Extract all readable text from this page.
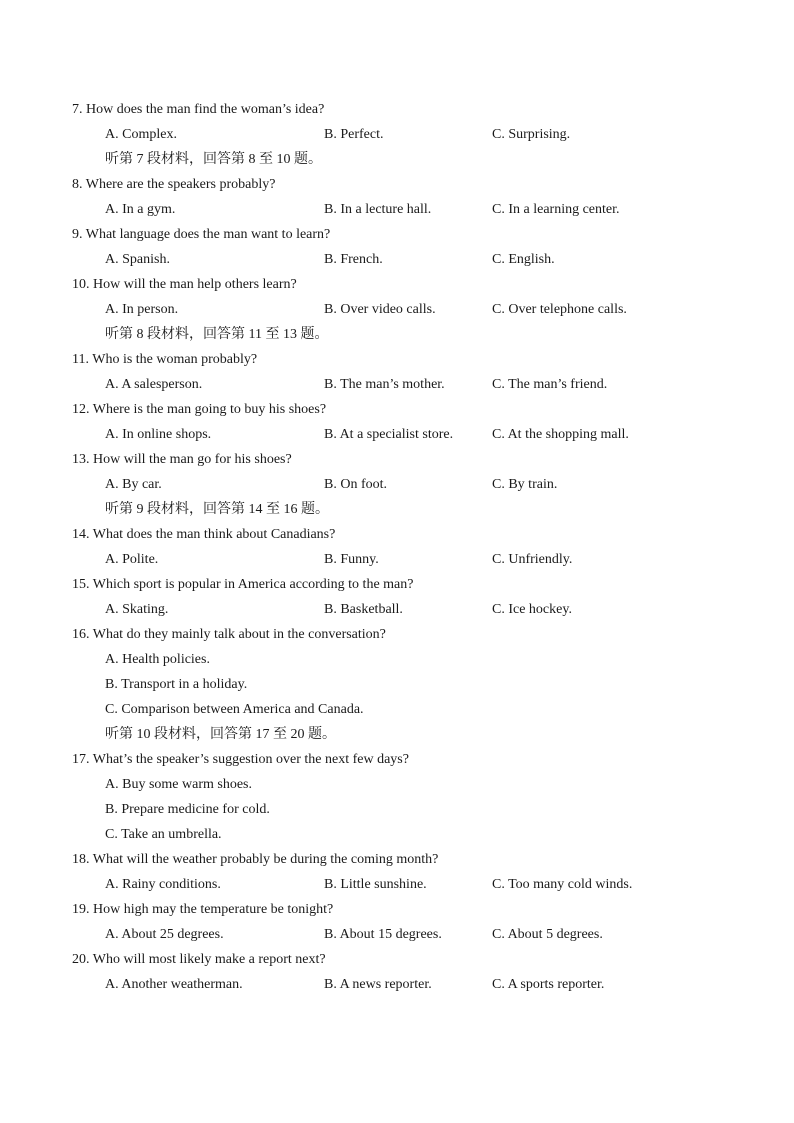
7. How does the man find the woman’s idea?
A. Complex.	B. Perfect.	C. Surprising.
听第 7 段材料，回答第 8 至 10 题。
8. Where are the speakers probably?
A. In a gym.	B. In a lecture hall.	C. In a learning center.
9. What language does the man want to learn?
A. Spanish.	B. French.	C. English.
10. How will the man help others learn?
A. In person.	B. Over video calls.	C. Over telephone calls.
听第 8 段材料，回答第 11 至 13 题。
11. Who is the woman probably?
A. A salesperson.	B. The man’s mother.	C. The man’s friend.
12. Where is the man going to buy his shoes?
A. In online shops.	B. At a specialist store.	C. At the shopping mall.
13. How will the man go for his shoes?
A. By car.	B. On foot.	C. By train.
听第 9 段材料，回答第 14 至 16 题。
14. What does the man think about Canadians?
A. Polite.	B. Funny.	C. Unfriendly.
15. Which sport is popular in America according to the man?
A. Skating.	B. Basketball.	C. Ice hockey.
16. What do they mainly talk about in the conversation?
A. Health policies.
B. Transport in a holiday.
C. Comparison between America and Canada.
听第 10 段材料，回答第 17 至 20 题。
17. What’s the speaker’s suggestion over the next few days?
A. Buy some warm shoes.
B. Prepare medicine for cold.
C. Take an umbrella.
18. What will the weather probably be during the coming month?
A. Rainy conditions.	B. Little sunshine.	C. Too many cold winds.
19. How high may the temperature be tonight?
A. About 25 degrees.	B. About 15 degrees.	C. About 5 degrees.
20. Who will most likely make a report next?
A. Another weatherman.	B. A news reporter.	C. A sports reporter.
